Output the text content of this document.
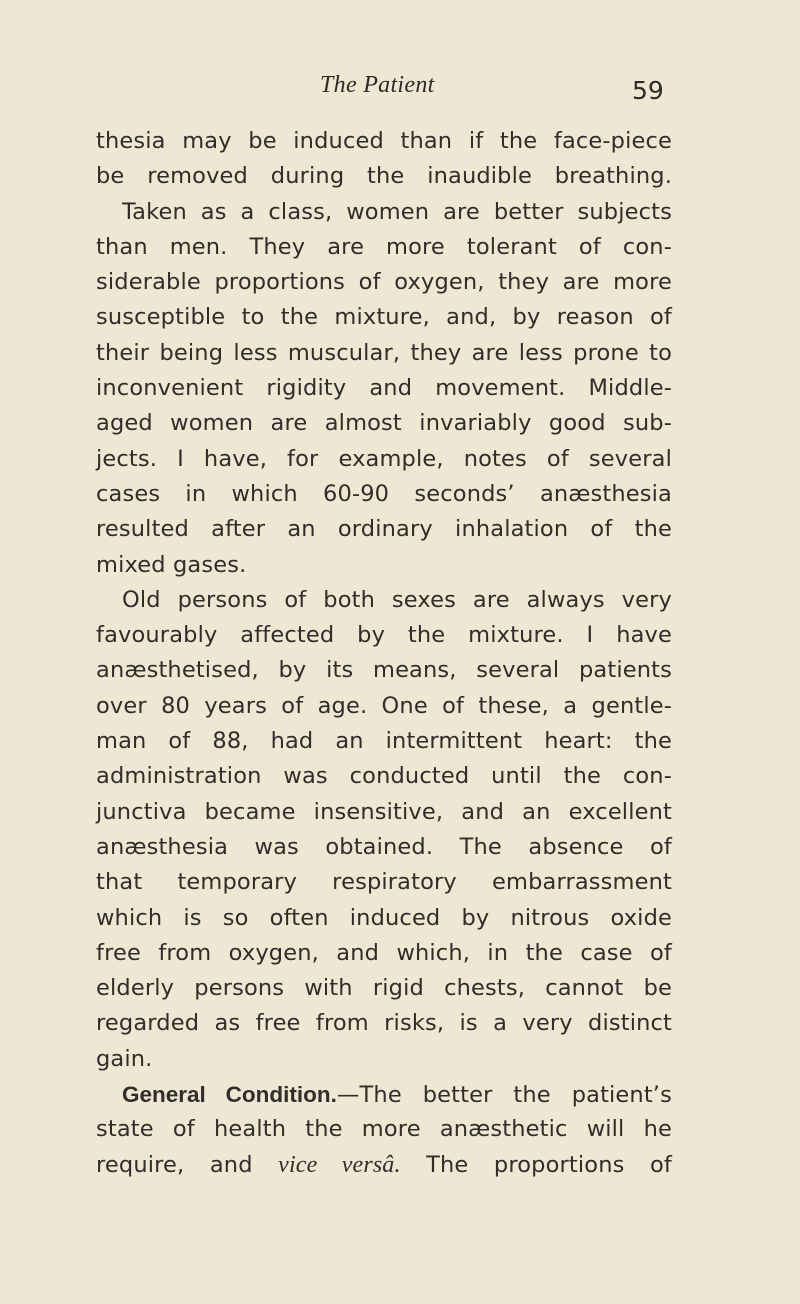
The Patient	59
thesia may be induced than if the face-piece
be removed during the inaudible breathing.
Taken as a class, women are better subjects
than men. They are more tolerant of con-
siderable proportions of oxygen, they are more
susceptible to the mixture, and, by reason of
their being less muscular, they are less prone to
inconvenient rigidity and movement. Middle-
aged women are almost invariably good sub-
jects. I have, for example, notes of several
cases in which 60-90 seconds’ anæsthesia
resulted after an ordinary inhalation of the
mixed gases.
Old persons of both sexes are always very
favourably affected by the mixture. I have
anæsthetised, by its means, several patients
over 80 years of age. One of these, a gentle-
man of 88, had an intermittent heart: the
administration was conducted until the con-
junctiva became insensitive, and an excellent
anæsthesia was obtained. The absence of
that temporary respiratory embarrassment
which is so often induced by nitrous oxide
free from oxygen, and which, in the case of
elderly persons with rigid chests, cannot be
regarded as free from risks, is a very distinct
gain.
General Condition.—The better the patient’s
state of health the more anæsthetic will he
require, and vice versâ. The proportions of
